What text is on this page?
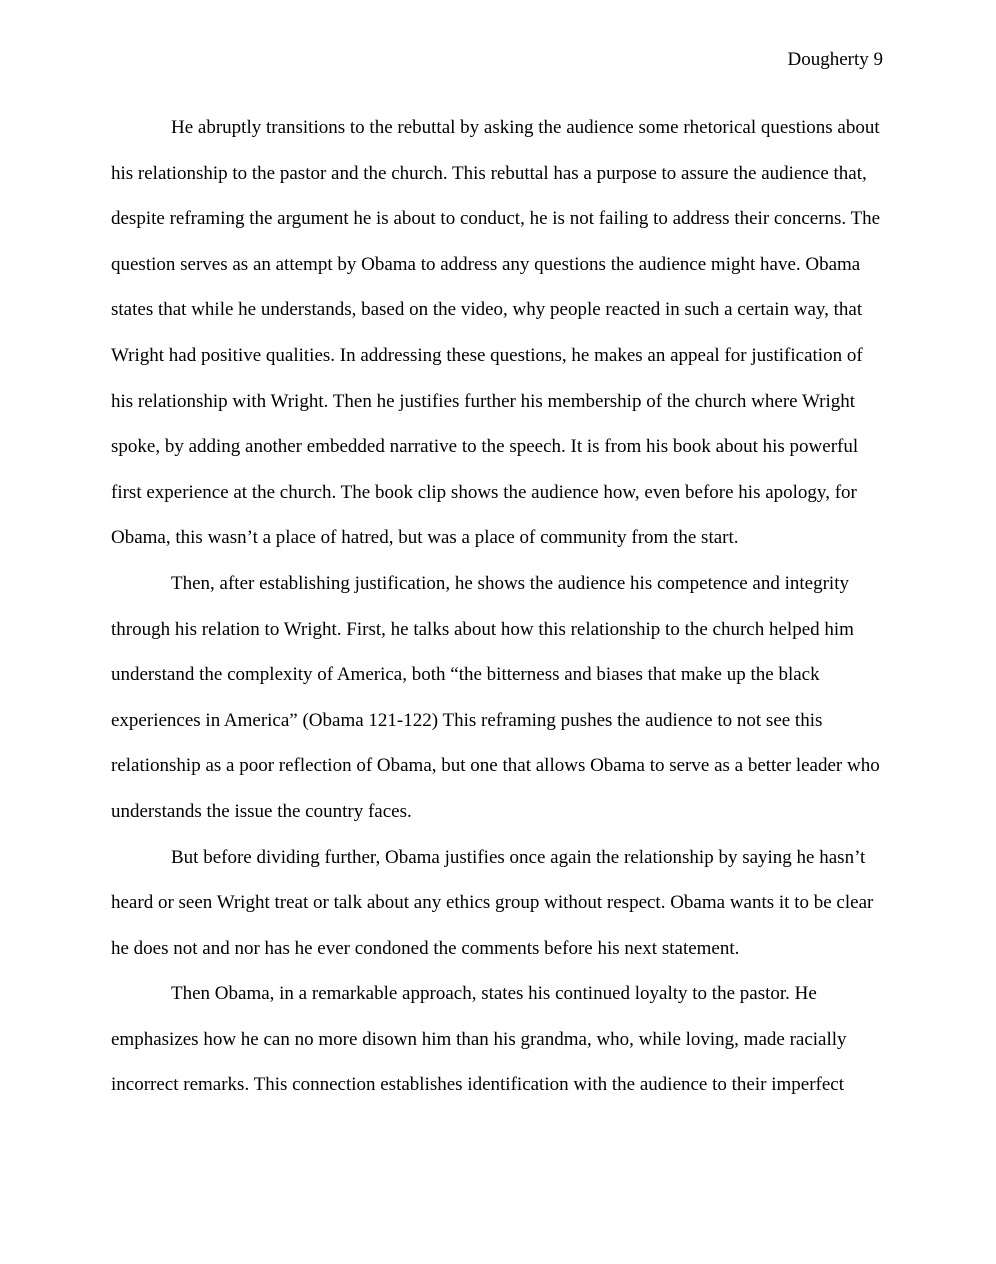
Dougherty 9

He abruptly transitions to the rebuttal by asking the audience some rhetorical questions about his relationship to the pastor and the church. This rebuttal has a purpose to assure the audience that, despite reframing the argument he is about to conduct, he is not failing to address their concerns. The question serves as an attempt by Obama to address any questions the audience might have. Obama states that while he understands, based on the video, why people reacted in such a certain way, that Wright had positive qualities. In addressing these questions, he makes an appeal for justification of his relationship with Wright. Then he justifies further his membership of the church where Wright spoke, by adding another embedded narrative to the speech. It is from his book about his powerful first experience at the church. The book clip shows the audience how, even before his apology, for Obama, this wasn’t a place of hatred, but was a place of community from the start.

Then, after establishing justification, he shows the audience his competence and integrity through his relation to Wright. First, he talks about how this relationship to the church helped him understand the complexity of America, both “the bitterness and biases that make up the black experiences in America” (Obama 121-122) This reframing pushes the audience to not see this relationship as a poor reflection of Obama, but one that allows Obama to serve as a better leader who understands the issue the country faces.

But before dividing further, Obama justifies once again the relationship by saying he hasn’t heard or seen Wright treat or talk about any ethics group without respect. Obama wants it to be clear he does not and nor has he ever condoned the comments before his next statement.

Then Obama, in a remarkable approach, states his continued loyalty to the pastor. He emphasizes how he can no more disown him than his grandma, who, while loving, made racially incorrect remarks. This connection establishes identification with the audience to their imperfect
